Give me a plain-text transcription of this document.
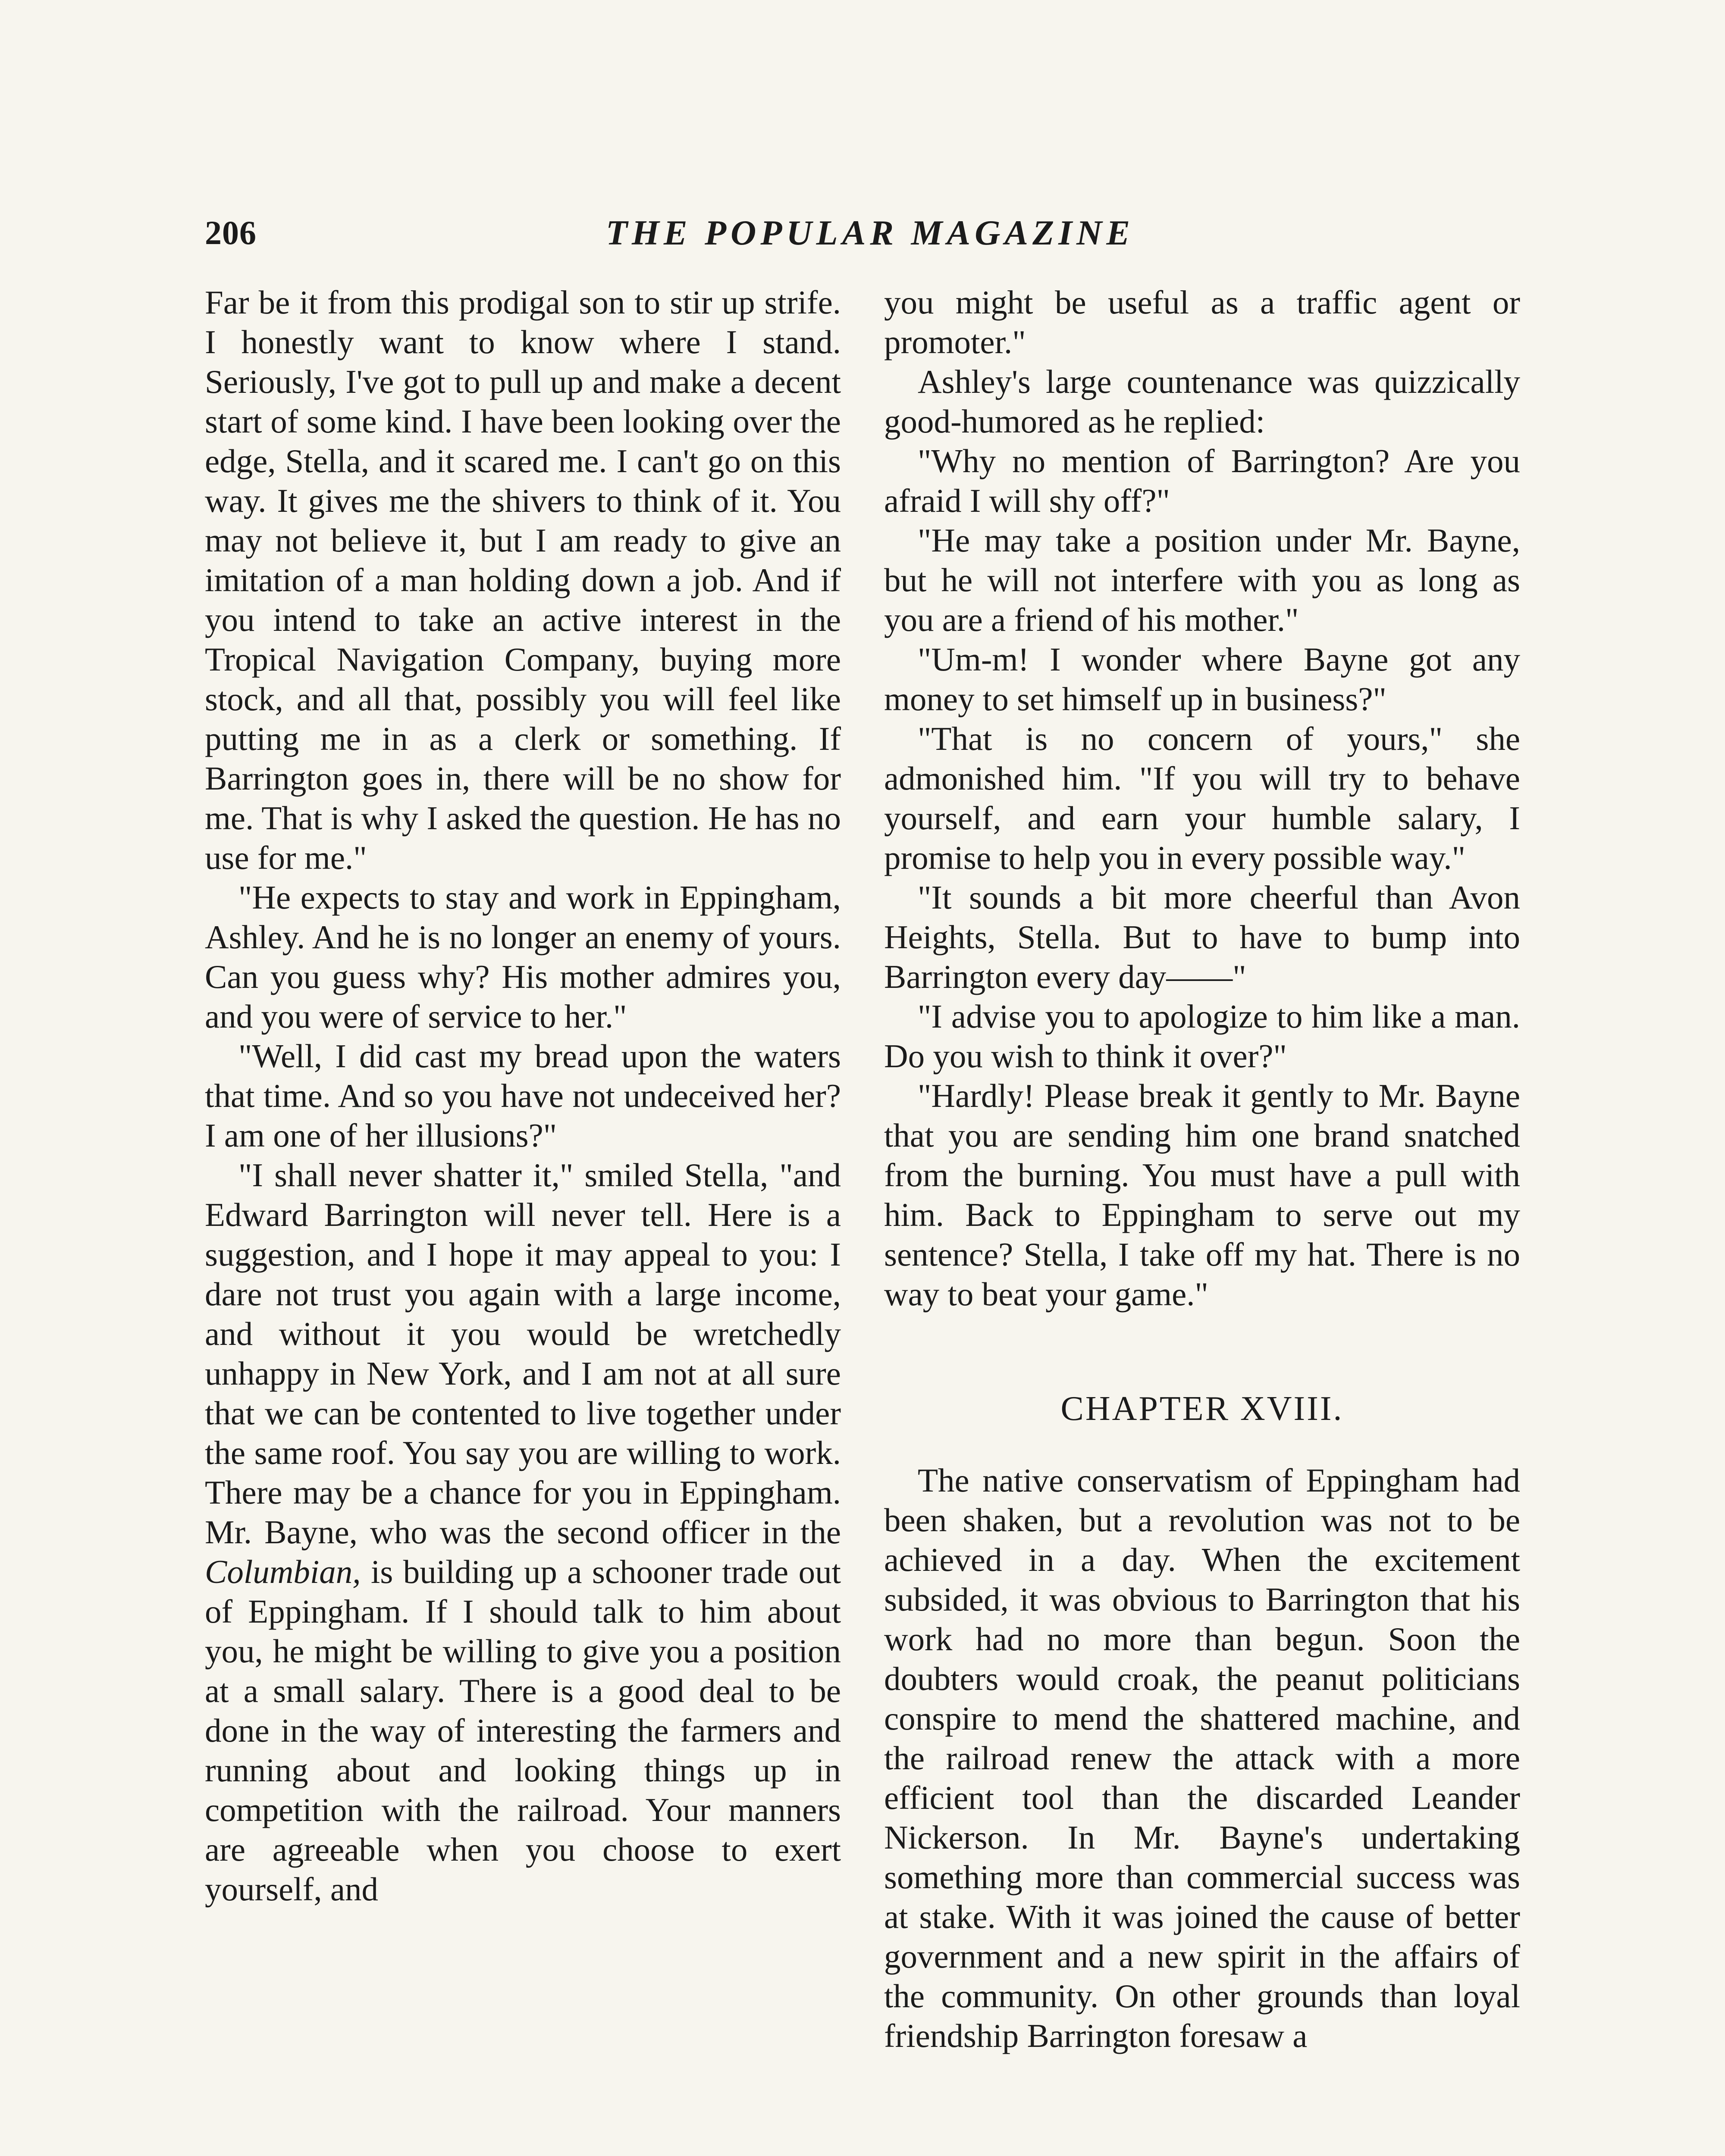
206	THE POPULAR MAGAZINE

Far be it from this prodigal son to stir up strife. I honestly want to know where I stand. Seriously, I've got to pull up and make a decent start of some kind. I have been looking over the edge, Stella, and it scared me. I can't go on this way. It gives me the shivers to think of it. You may not believe it, but I am ready to give an imitation of a man holding down a job. And if you intend to take an active interest in the Tropical Navigation Company, buying more stock, and all that, possibly you will feel like putting me in as a clerk or something. If Barrington goes in, there will be no show for me. That is why I asked the question. He has no use for me."

"He expects to stay and work in Eppingham, Ashley. And he is no longer an enemy of yours. Can you guess why? His mother admires you, and you were of service to her."

"Well, I did cast my bread upon the waters that time. And so you have not undeceived her? I am one of her illusions?"

"I shall never shatter it," smiled Stella, "and Edward Barrington will never tell. Here is a suggestion, and I hope it may appeal to you: I dare not trust you again with a large income, and without it you would be wretchedly unhappy in New York, and I am not at all sure that we can be contented to live together under the same roof. You say you are willing to work. There may be a chance for you in Eppingham. Mr. Bayne, who was the second officer in the Columbian, is building up a schooner trade out of Eppingham. If I should talk to him about you, he might be willing to give you a position at a small salary. There is a good deal to be done in the way of interesting the farmers and running about and looking things up in competition with the railroad. Your manners are agreeable when you choose to exert yourself, and

you might be useful as a traffic agent or promoter."

Ashley's large countenance was quizzically good-humored as he replied:

"Why no mention of Barrington? Are you afraid I will shy off?"

"He may take a position under Mr. Bayne, but he will not interfere with you as long as you are a friend of his mother."

"Um-m! I wonder where Bayne got any money to set himself up in business?"

"That is no concern of yours," she admonished him. "If you will try to behave yourself, and earn your humble salary, I promise to help you in every possible way."

"It sounds a bit more cheerful than Avon Heights, Stella. But to have to bump into Barrington every day——"

"I advise you to apologize to him like a man. Do you wish to think it over?"

"Hardly! Please break it gently to Mr. Bayne that you are sending him one brand snatched from the burning. You must have a pull with him. Back to Eppingham to serve out my sentence? Stella, I take off my hat. There is no way to beat your game."

CHAPTER XVIII.

The native conservatism of Eppingham had been shaken, but a revolution was not to be achieved in a day. When the excitement subsided, it was obvious to Barrington that his work had no more than begun. Soon the doubters would croak, the peanut politicians conspire to mend the shattered machine, and the railroad renew the attack with a more efficient tool than the discarded Leander Nickerson. In Mr. Bayne's undertaking something more than commercial success was at stake. With it was joined the cause of better government and a new spirit in the affairs of the community. On other grounds than loyal friendship Barrington foresaw a
